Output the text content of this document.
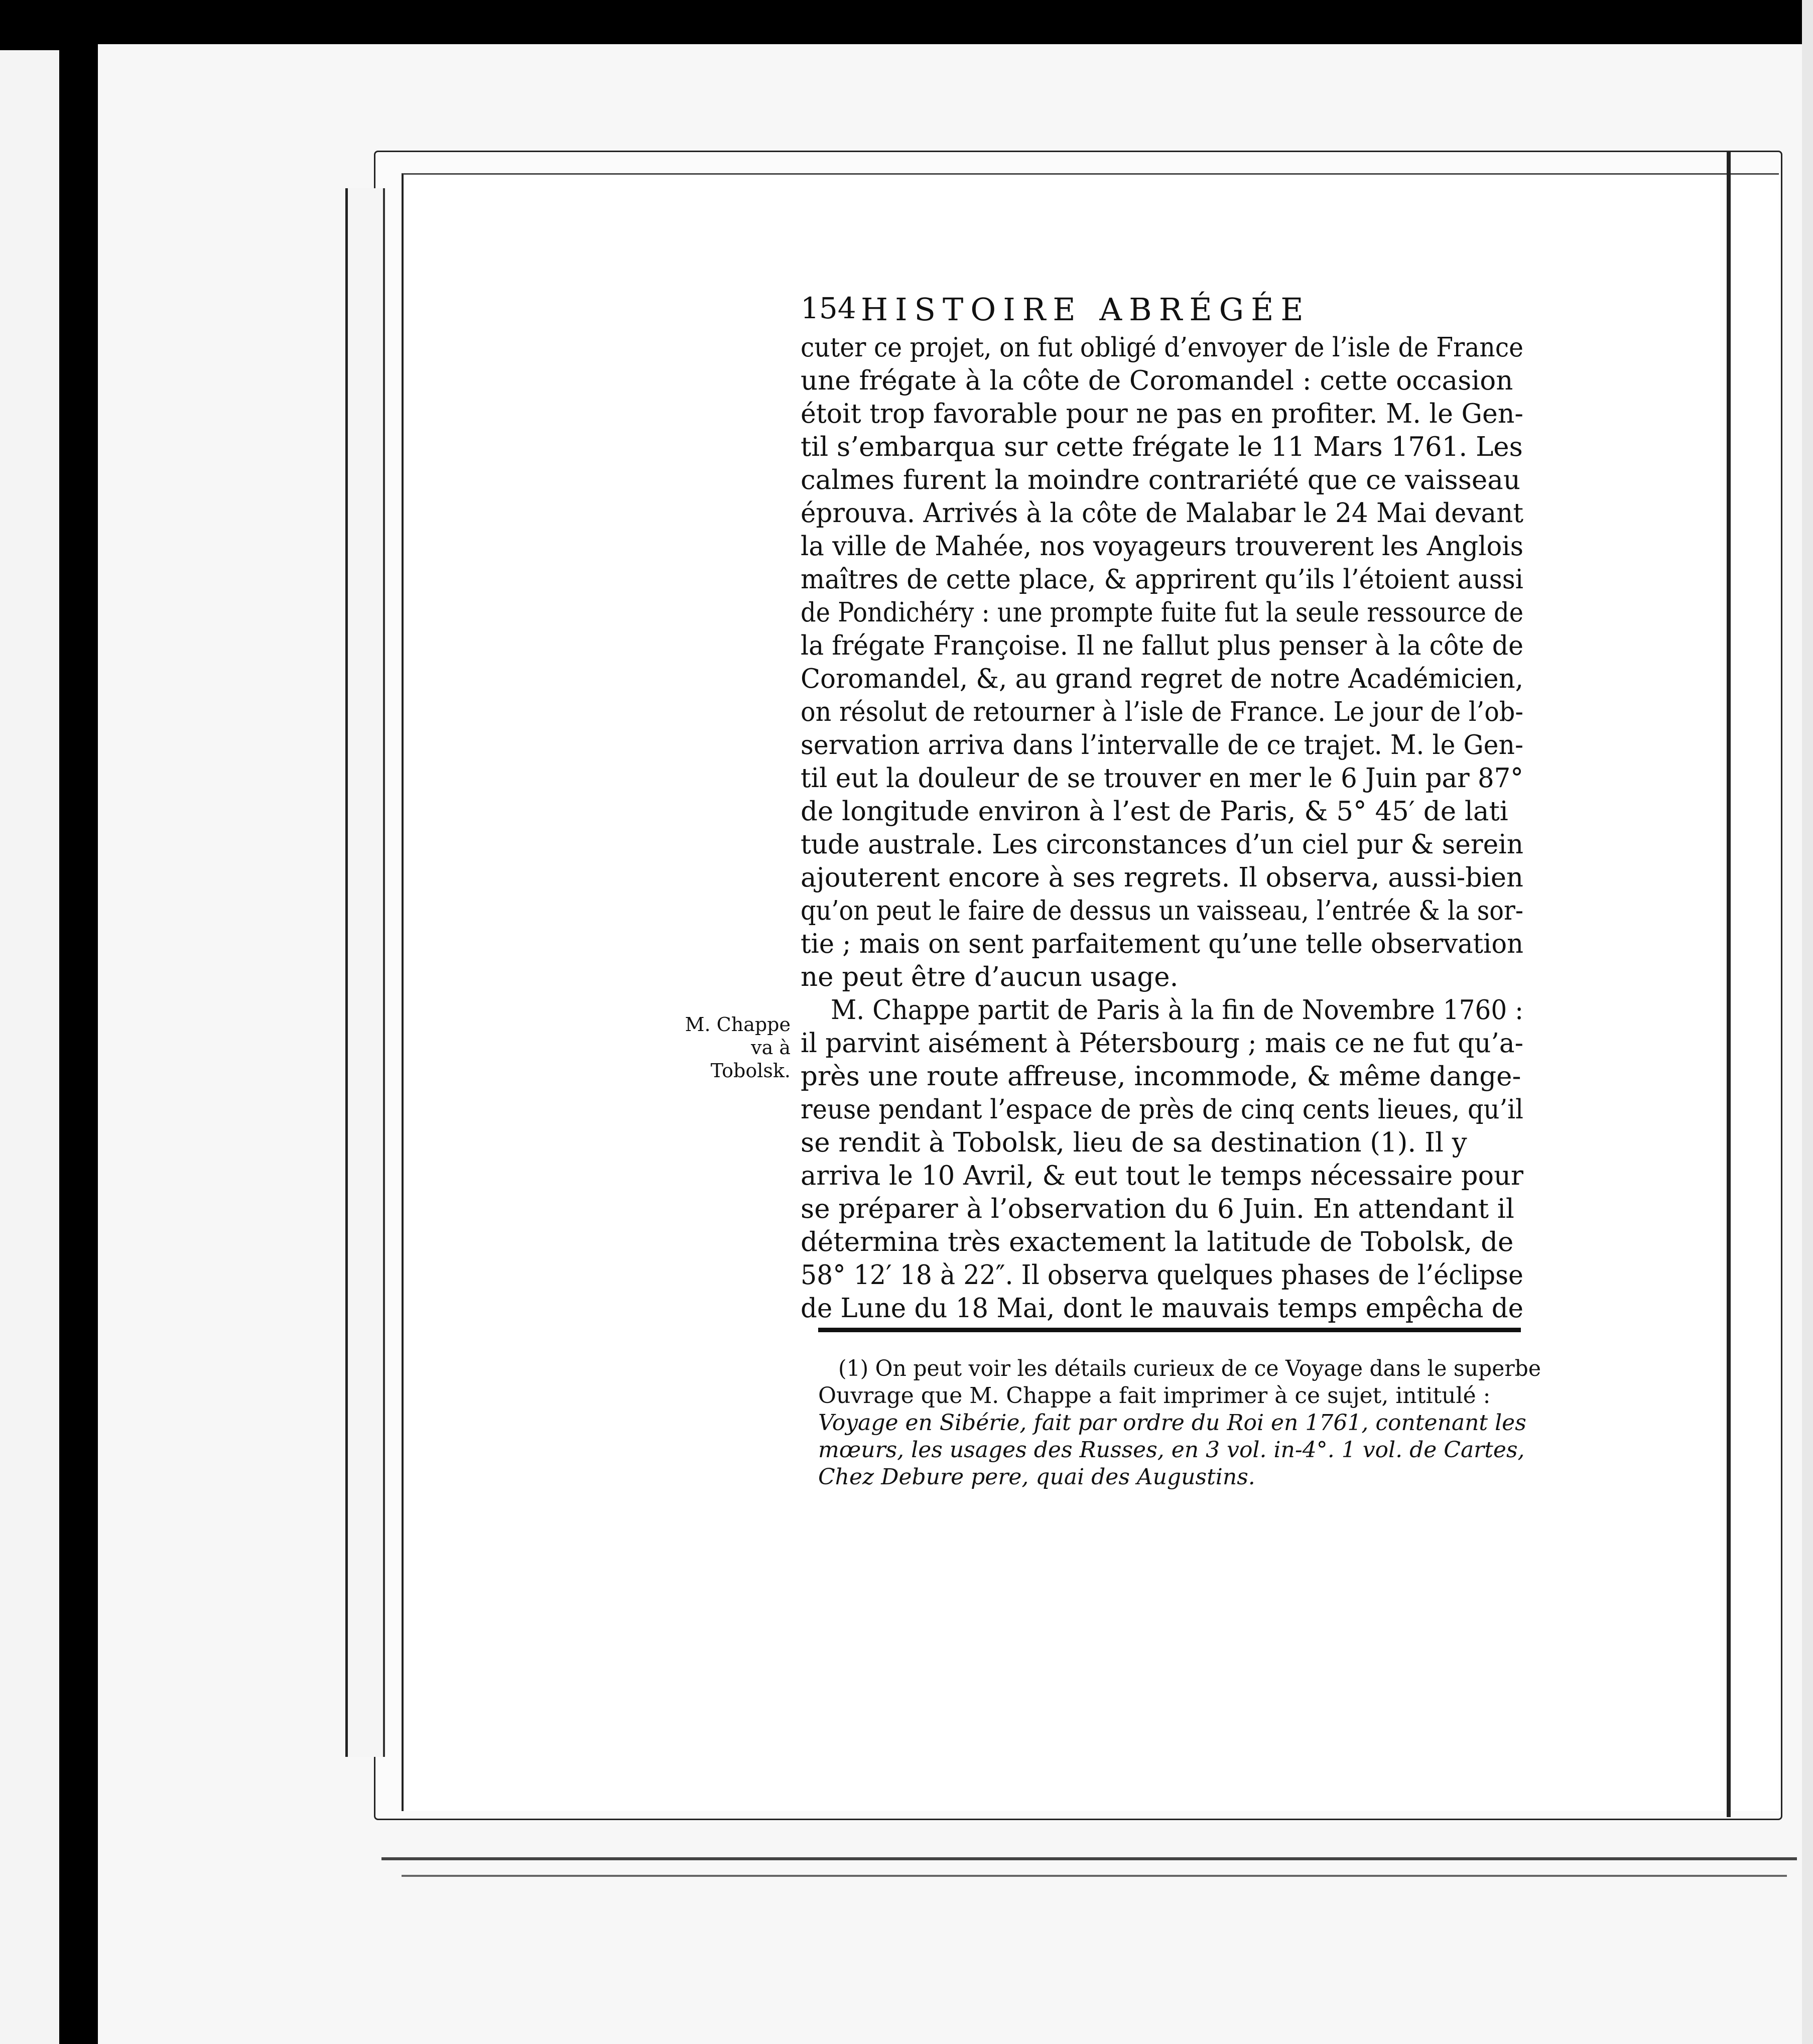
154 HISTOIRE ABRÉGÉE
cuter ce projet, on fut obligé d’envoyer de l’isle de France
une frégate à la côte de Coromandel : cette occasion
étoit trop favorable pour ne pas en profiter. M. le Gen-
til s’embarqua sur cette frégate le 11 Mars 1761. Les
calmes furent la moindre contrariété que ce vaisseau
éprouva. Arrivés à la côte de Malabar le 24 Mai devant
la ville de Mahée, nos voyageurs trouverent les Anglois
maîtres de cette place, & apprirent qu’ils l’étoient aussi
de Pondichéry : une prompte fuite fut la seule ressource de
la frégate Françoise. Il ne fallut plus penser à la côte de
Coromandel, &, au grand regret de notre Académicien,
on résolut de retourner à l’isle de France. Le jour de l’ob-
servation arriva dans l’intervalle de ce trajet. M. le Gen-
til eut la douleur de se trouver en mer le 6 Juin par 87°
de longitude environ à l’est de Paris, & 5° 45′ de lati
tude australe. Les circonstances d’un ciel pur & serein
ajouterent encore à ses regrets. Il observa, aussi-bien
qu’on peut le faire de dessus un vaisseau, l’entrée & la sor-
tie ; mais on sent parfaitement qu’une telle observation
ne peut être d’aucun usage.
M. Chappe partit de Paris à la fin de Novembre 1760 :
il parvint aisément à Pétersbourg ; mais ce ne fut qu’a-
près une route affreuse, incommode, & même dange-
reuse pendant l’espace de près de cinq cents lieues, qu’il
se rendit à Tobolsk, lieu de sa destination (1). Il y
arriva le 10 Avril, & eut tout le temps nécessaire pour
se préparer à l’observation du 6 Juin. En attendant il
détermina très exactement la latitude de Tobolsk, de
58° 12′ 18 à 22″. Il observa quelques phases de l’éclipse
de Lune du 18 Mai, dont le mauvais temps empêcha de
M. Chappe
va à Tobolsk.
(1) On peut voir les détails curieux de ce Voyage dans le superbe
Ouvrage que M. Chappe a fait imprimer à ce sujet, intitulé :
Voyage en Sibérie, fait par ordre du Roi en 1761, contenant les
mœurs, les usages des Russes, en 3 vol. in-4°. 1 vol. de Cartes,
Chez Debure pere, quai des Augustins.
